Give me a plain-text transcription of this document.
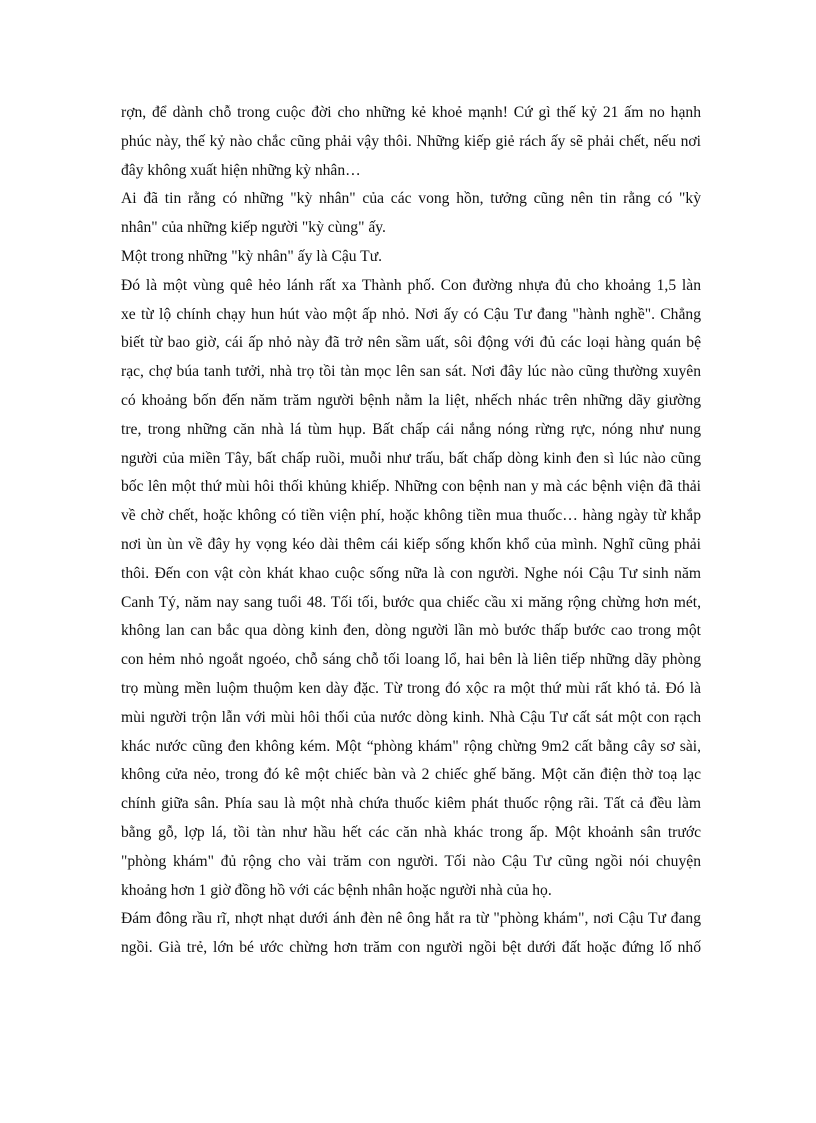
rợn, để dành chỗ trong cuộc đời cho những kẻ khoẻ mạnh! Cứ gì thế kỷ 21 ấm no hạnh
phúc này, thế kỷ nào chắc cũng phải vậy thôi. Những kiếp giẻ rách ấy sẽ phải chết, nếu nơi
đây không xuất hiện những kỳ nhân…

Ai đã tin rằng có những "kỳ nhân" của các vong hồn, tưởng cũng nên tin rằng có "kỳ
nhân" của những kiếp người "kỳ cùng" ấy.

Một trong những "kỳ nhân" ấy là Cậu Tư.

Đó là một vùng quê hẻo lánh rất xa Thành phố. Con đường nhựa đủ cho khoảng 1,5 làn
xe từ lộ chính chạy hun hút vào một ấp nhỏ. Nơi ấy có Cậu Tư đang "hành nghề". Chẳng
biết từ bao giờ, cái ấp nhỏ này đã trở nên sầm uất, sôi động với đủ các loại hàng quán bệ
rạc, chợ búa tanh tưởi, nhà trọ tồi tàn mọc lên san sát. Nơi đây lúc nào cũng thường xuyên
có khoảng bốn đến năm trăm người bệnh nằm la liệt, nhếch nhác trên những dãy giường
tre, trong những căn nhà lá tùm hụp. Bất chấp cái nắng nóng rừng rực, nóng như nung
người của miền Tây, bất chấp ruồi, muỗi như trấu, bất chấp dòng kinh đen sì lúc nào cũng
bốc lên một thứ mùi hôi thối khủng khiếp. Những con bệnh nan y mà các bệnh viện đã thải
về chờ chết, hoặc không có tiền viện phí, hoặc không tiền mua thuốc… hàng ngày từ khắp
nơi ùn ùn về đây hy vọng kéo dài thêm cái kiếp sống khốn khổ của mình. Nghĩ cũng phải
thôi. Đến con vật còn khát khao cuộc sống nữa là con người. Nghe nói Cậu Tư sinh năm
Canh Tý, năm nay sang tuổi 48. Tối tối, bước qua chiếc cầu xi măng rộng chừng hơn mét,
không lan can bắc qua dòng kinh đen, dòng người lần mò bước thấp bước cao trong một
con hẻm nhỏ ngoắt ngoéo, chỗ sáng chỗ tối loang lổ, hai bên là liên tiếp những dãy phòng
trọ mùng mền luộm thuộm ken dày đặc. Từ trong đó xộc ra một thứ mùi rất khó tả. Đó là
mùi người trộn lẫn với mùi hôi thối của nước dòng kinh. Nhà Cậu Tư cất sát một con rạch
khác nước cũng đen không kém. Một “phòng khám" rộng chừng 9m2 cất bằng cây sơ sài,
không cửa nẻo, trong đó kê một chiếc bàn và 2 chiếc ghế băng. Một căn điện thờ toạ lạc
chính giữa sân. Phía sau là một nhà chứa thuốc kiêm phát thuốc rộng rãi. Tất cả đều làm
bằng gỗ, lợp lá, tồi tàn như hầu hết các căn nhà khác trong ấp. Một khoảnh sân trước
"phòng khám" đủ rộng cho vài trăm con người. Tối nào Cậu Tư cũng ngồi nói chuyện
khoảng hơn 1 giờ đồng hồ với các bệnh nhân hoặc người nhà của họ.

Đám đông rầu rĩ, nhợt nhạt dưới ánh đèn nê ông hắt ra từ "phòng khám", nơi Cậu Tư đang
ngồi. Già trẻ, lớn bé ước chừng hơn trăm con người ngồi bệt dưới đất hoặc đứng lố nhố
